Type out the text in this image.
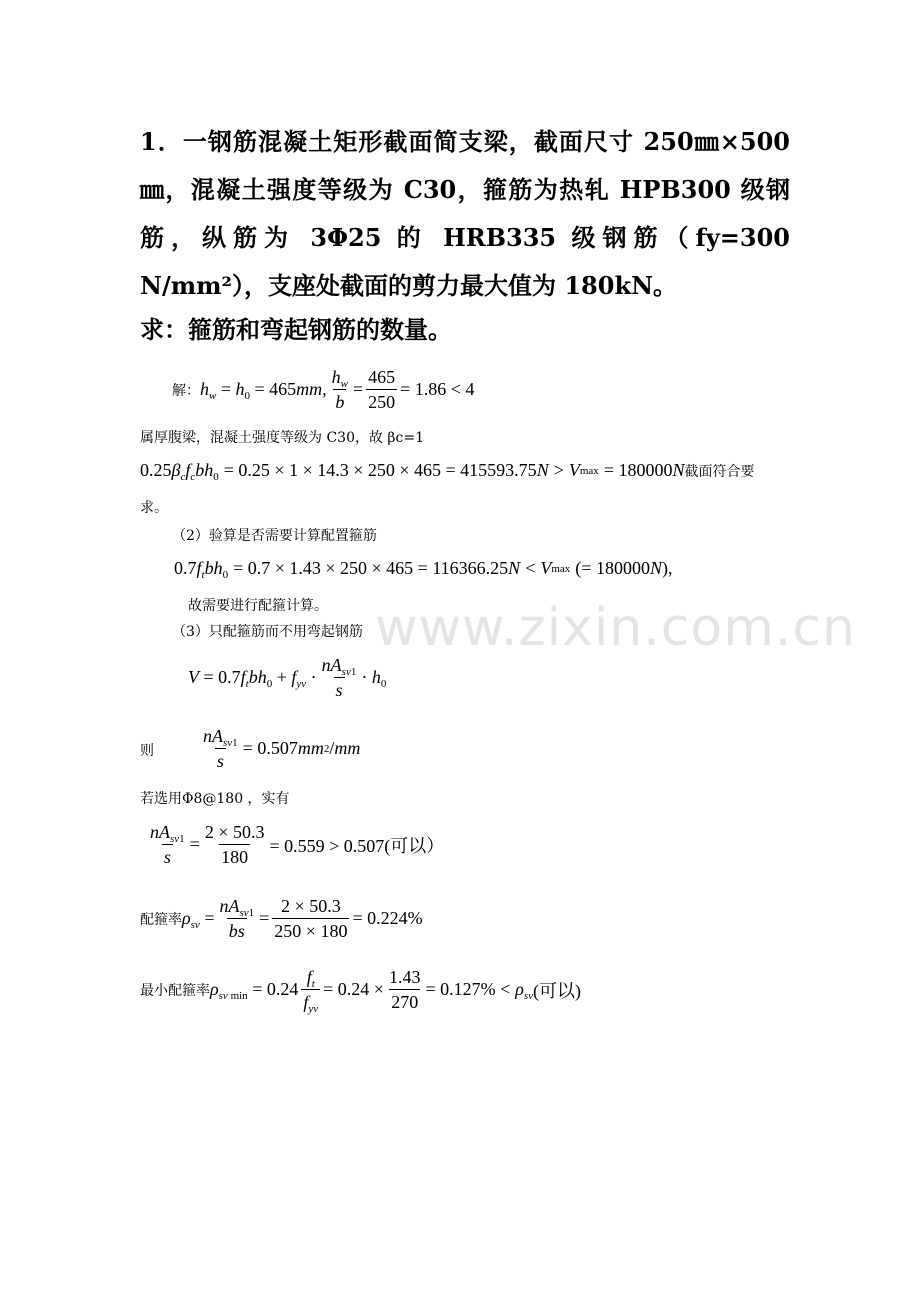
www.zixin.com.cn
1．一钢筋混凝土矩形截面简支梁，截面尺寸 250㎜×500㎜，混凝土强度等级为 C30，箍筋为热轧 HPB300 级钢筋，纵筋为 3Φ25 的 HRB335 级钢筋（fy=300 N/mm²），支座处截面的剪力最大值为 180kN。
求：箍筋和弯起钢筋的数量。
解： $h_w = h_0 = 465mm$, $\frac{h_w}{b} = \frac{465}{250} = 1.86 < 4$
属厚腹梁，混凝土强度等级为 C30，故 βc=1
$0.25\beta_cf_cbh_0 = 0.25 \times 1 \times 14.3 \times 250 \times 465 = 415593.75$ N > V max = 180000 N 截面符合要
求。
（2）验算是否需要计算配置箍筋
$0.7f_tbh_0 = 0.7 \times 1.43 \times 250 \times 465 = 116366.25$ N < V max (= 180000 N ),
故需要进行配箍计算。
（3）只配箍筋而不用弯起钢筋
$V = 0.7f_tbh_0 + f_{yv} \cdot \frac{nA_{sv1}}{s} \cdot h_0$
则	$\frac{nA_{sv1}}{s} = 0.507$ mm 2 / mm
若选用Φ8@180 ，实有
$\frac{nA_{sv1}}{s} = \frac{2 \times 50.3}{180} = 0.559 > 0.507$(可以）
配箍率 $\rho_{sv} = \frac{nA_{sv1}}{bs} = \frac{2 \times 50.3}{250 \times 180} = 0.224\%$
最小配箍率 $\rho_{sv min} = 0.24 \frac{f_t}{f_{yv}} = 0.24 \times \frac{1.43}{270} = 0.127\% < \rho_{sv}$ (可以)
